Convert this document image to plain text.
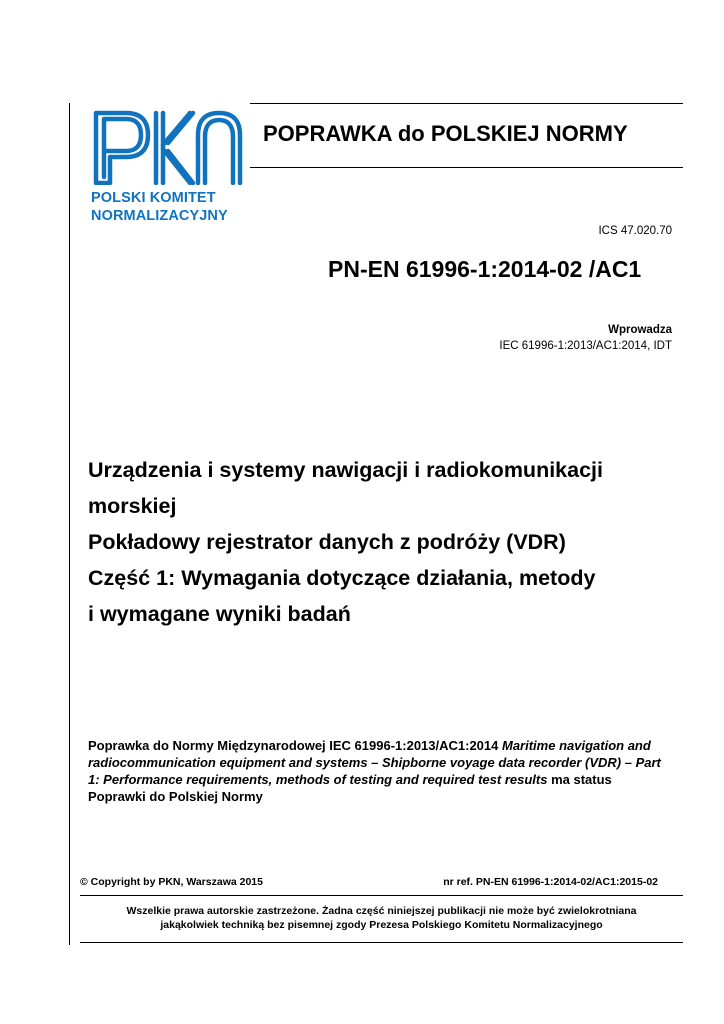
POLSKI KOMITET
NORMALIZACYJNY
POPRAWKA do POLSKIEJ NORMY
ICS 47.020.70
PN-EN 61996-1:2014-02 /AC1
Wprowadza
IEC 61996-1:2013/AC1:2014, IDT
Urządzenia i systemy nawigacji i radiokomunikacji
morskiej
Pokładowy rejestrator danych z podróży (VDR)
Część 1: Wymagania dotyczące działania, metody
i wymagane wyniki badań
Poprawka do Normy Międzynarodowej IEC 61996-1:2013/AC1:2014 Maritime navigation and radiocommunication equipment and systems – Shipborne voyage data recorder (VDR) – Part 1: Performance requirements, methods of testing and required test results ma status Poprawki do Polskiej Normy
© Copyright by PKN, Warszawa 2015	nr ref. PN-EN 61996-1:2014-02/AC1:2015-02
Wszelkie prawa autorskie zastrzeżone. Żadna część niniejszej publikacji nie może być zwielokrotniana
jakąkolwiek techniką bez pisemnej zgody Prezesa Polskiego Komitetu Normalizacyjnego
